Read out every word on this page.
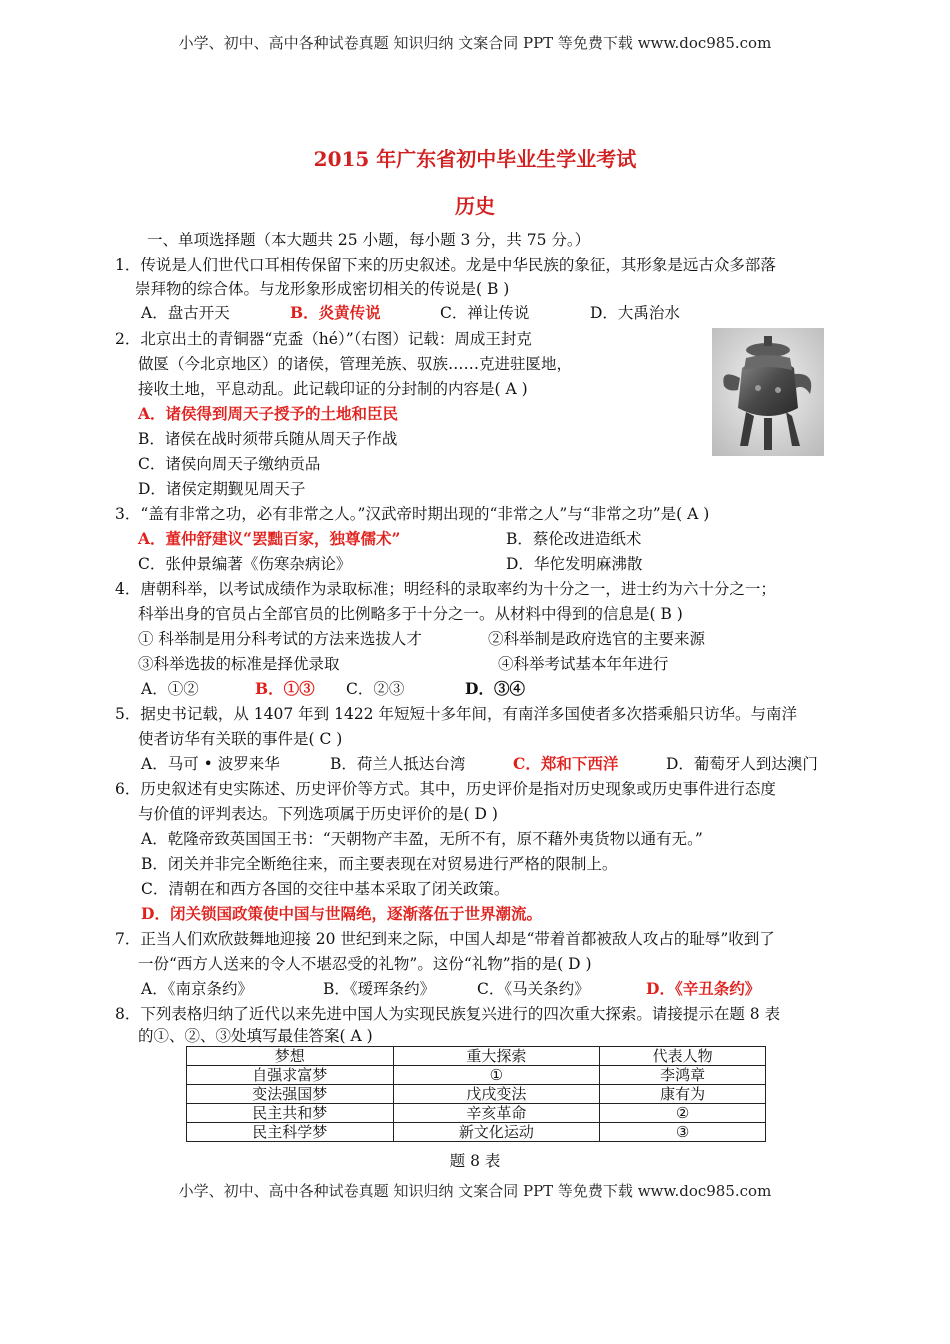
小学、初中、高中各种试卷真题 知识归纳 文案合同 PPT 等免费下载 www.doc985.com
2015 年广东省初中毕业生学业考试
历史
一、单项选择题（本大题共 25 小题，每小题 3 分，共 75 分。）
1．传说是人们世代口耳相传保留下来的历史叙述。龙是中华民族的象征，其形象是远古众多部落
崇拜物的综合体。与龙形象形成密切相关的传说是( B )
A．盘古开天	B．炎黄传说	C．禅让传说	D．大禹治水
2．北京出土的青铜器“克盉（hé）”（右图）记载：周成王封克
做匽（今北京地区）的诸侯，管理羌族、驭族……克进驻匽地，
接收土地，平息动乱。此记载印证的分封制的内容是( A )
A．诸侯得到周天子授予的土地和臣民
B．诸侯在战时须带兵随从周天子作战
C．诸侯向周天子缴纳贡品
D．诸侯定期觐见周天子
3．“盖有非常之功，必有非常之人。”汉武帝时期出现的“非常之人”与“非常之功”是( A )
A．董仲舒建议“罢黜百家，独尊儒术”	B．蔡伦改进造纸术
C．张仲景编著《伤寒杂病论》	D．华佗发明麻沸散
4．唐朝科举，以考试成绩作为录取标准；明经科的录取率约为十分之一，进士约为六十分之一；
科举出身的官员占全部官员的比例略多于十分之一。从材料中得到的信息是( B )
① 科举制是用分科考试的方法来选拔人才	②科举制是政府选官的主要来源
③科举选拔的标准是择优录取	④科举考试基本年年进行
A．①②	B．①③ C．②③	D．③④
5．据史书记载，从 1407 年到 1422 年短短十多年间，有南洋多国使者多次搭乘船只访华。与南洋
使者访华有关联的事件是( C )
A．马可 • 波罗来华	B．荷兰人抵达台湾	C．郑和下西洋	D．葡萄牙人到达澳门
6．历史叙述有史实陈述、历史评价等方式。其中，历史评价是指对历史现象或历史事件进行态度
与价值的评判表达。下列选项属于历史评价的是( D )
A．乾隆帝致英国国王书：“天朝物产丰盈，无所不有，原不藉外夷货物以通有无。”
B．闭关并非完全断绝往来，而主要表现在对贸易进行严格的限制上。
C．清朝在和西方各国的交往中基本采取了闭关政策。
D．闭关锁国政策使中国与世隔绝，逐渐落伍于世界潮流。
7．正当人们欢欣鼓舞地迎接 20 世纪到来之际，中国人却是“带着首都被敌人攻占的耻辱”收到了
一份“西方人送来的令人不堪忍受的礼物”。这份“礼物”指的是( D )
A．《南京条约》	B．《瑷珲条约》	C．《马关条约》	D．《辛丑条约》
8．下列表格归纳了近代以来先进中国人为实现民族复兴进行的四次重大探索。请接提示在题 8 表
的①、②、③处填写最佳答案( A )
梦想	重大探索	代表人物
自强求富梦	①	李鸿章
变法强国梦	戊戌变法	康有为
民主共和梦	辛亥革命	②
民主科学梦	新文化运动	③
题 8 表
小学、初中、高中各种试卷真题 知识归纳 文案合同 PPT 等免费下载 www.doc985.com
